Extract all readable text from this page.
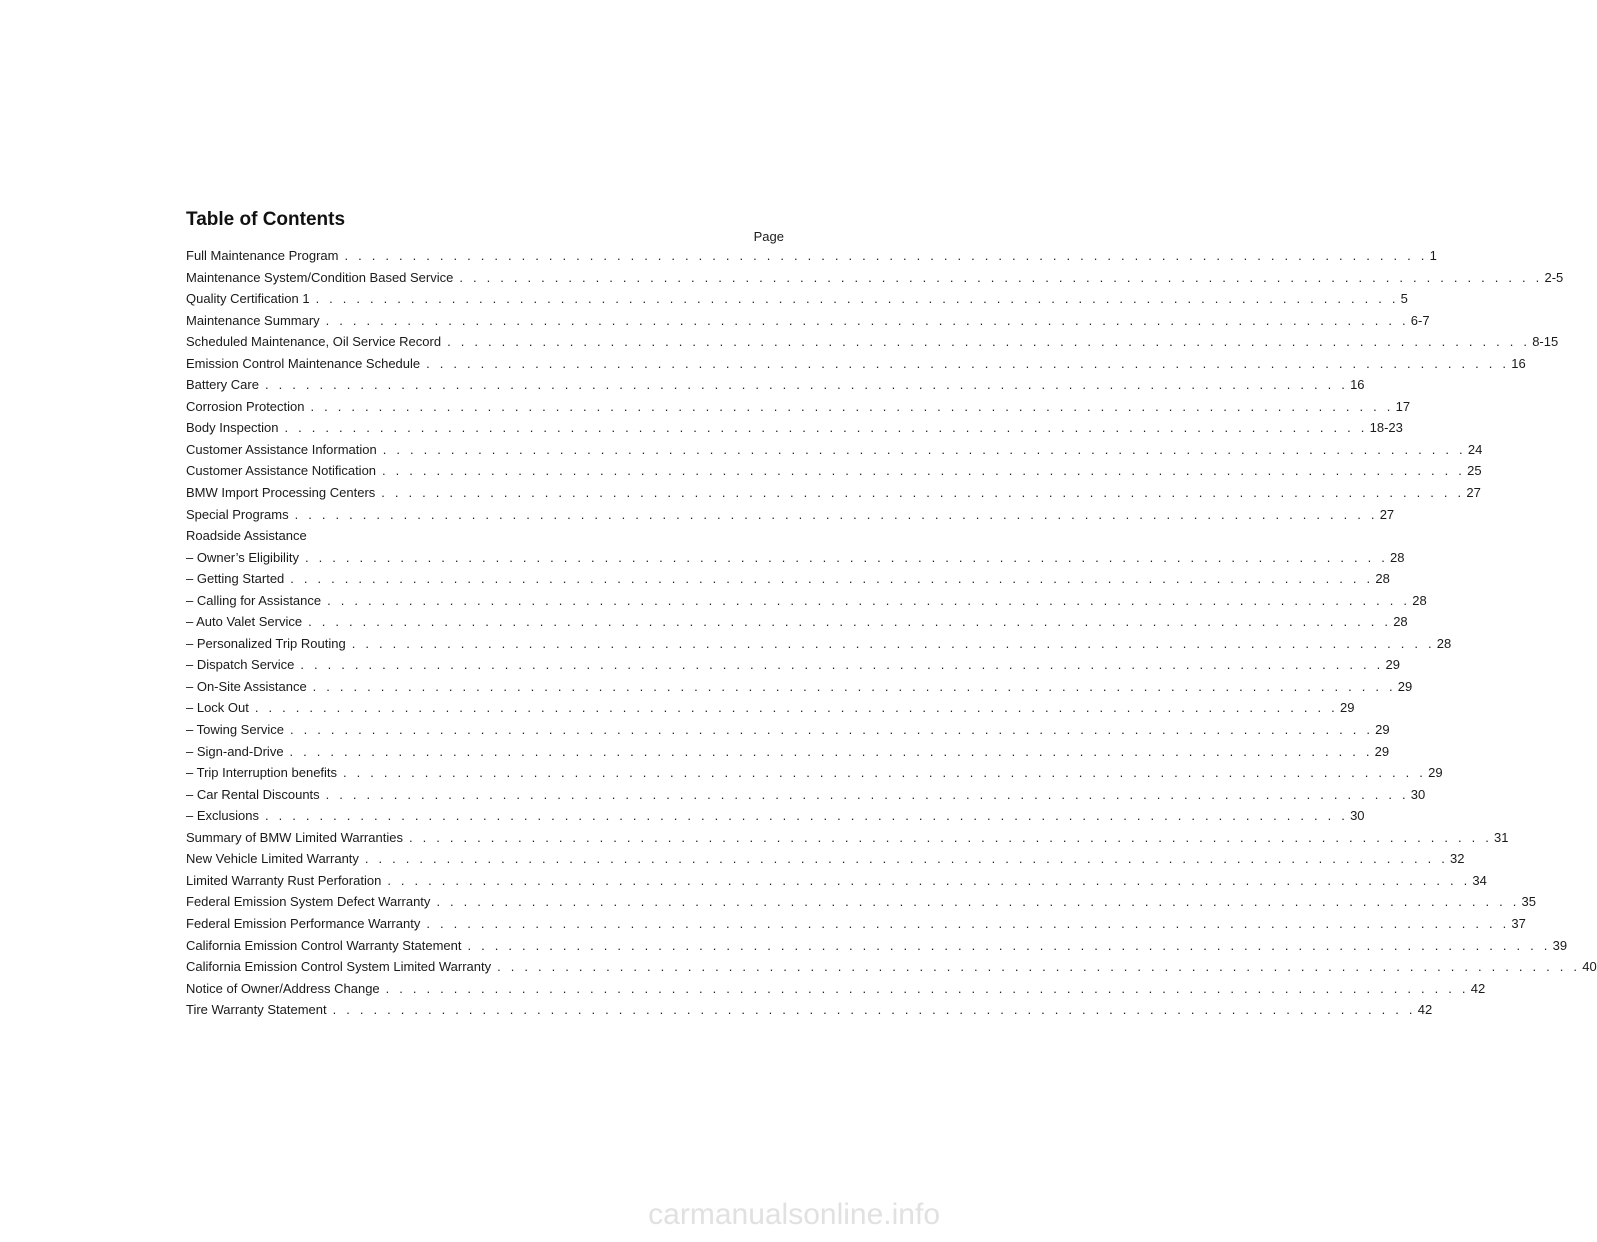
Table of Contents
Page
Full Maintenance Program . . . . . . . . . . . . . . . . . . . . . . . . . . . . . . . . . . . . . . . . . . . . . . . . . . . . . . . . . . . . . . . . . . . . . . . . . . . . . . . . 1
Maintenance System/Condition Based Service . . . . . . . . . . . . . . . . . . . . . . . . . . . . . . . . . . . . . . . . . . . . . . . . . . . . . . . . . . . . . . . . . . . . . . . . . . . . . . . . 2-5
Quality Certification 1 . . . . . . . . . . . . . . . . . . . . . . . . . . . . . . . . . . . . . . . . . . . . . . . . . . . . . . . . . . . . . . . . . . . . . . . . . . . . . . . . 5
Maintenance Summary . . . . . . . . . . . . . . . . . . . . . . . . . . . . . . . . . . . . . . . . . . . . . . . . . . . . . . . . . . . . . . . . . . . . . . . . . . . . . . . . 6-7
Scheduled Maintenance, Oil Service Record . . . . . . . . . . . . . . . . . . . . . . . . . . . . . . . . . . . . . . . . . . . . . . . . . . . . . . . . . . . . . . . . . . . . . . . . . . . . . . . . 8-15
Emission Control Maintenance Schedule . . . . . . . . . . . . . . . . . . . . . . . . . . . . . . . . . . . . . . . . . . . . . . . . . . . . . . . . . . . . . . . . . . . . . . . . . . . . . . . . 16
Battery Care . . . . . . . . . . . . . . . . . . . . . . . . . . . . . . . . . . . . . . . . . . . . . . . . . . . . . . . . . . . . . . . . . . . . . . . . . . . . . . . . 16
Corrosion Protection . . . . . . . . . . . . . . . . . . . . . . . . . . . . . . . . . . . . . . . . . . . . . . . . . . . . . . . . . . . . . . . . . . . . . . . . . . . . . . . . 17
Body Inspection . . . . . . . . . . . . . . . . . . . . . . . . . . . . . . . . . . . . . . . . . . . . . . . . . . . . . . . . . . . . . . . . . . . . . . . . . . . . . . . . 18-23
Customer Assistance Information . . . . . . . . . . . . . . . . . . . . . . . . . . . . . . . . . . . . . . . . . . . . . . . . . . . . . . . . . . . . . . . . . . . . . . . . . . . . . . . . 24
Customer Assistance Notification . . . . . . . . . . . . . . . . . . . . . . . . . . . . . . . . . . . . . . . . . . . . . . . . . . . . . . . . . . . . . . . . . . . . . . . . . . . . . . . . 25
BMW Import Processing Centers . . . . . . . . . . . . . . . . . . . . . . . . . . . . . . . . . . . . . . . . . . . . . . . . . . . . . . . . . . . . . . . . . . . . . . . . . . . . . . . . 27
Special Programs . . . . . . . . . . . . . . . . . . . . . . . . . . . . . . . . . . . . . . . . . . . . . . . . . . . . . . . . . . . . . . . . . . . . . . . . . . . . . . . . 27
Roadside Assistance
– Owner’s Eligibility . . . . . . . . . . . . . . . . . . . . . . . . . . . . . . . . . . . . . . . . . . . . . . . . . . . . . . . . . . . . . . . . . . . . . . . . . . . . . . . . 28
– Getting Started . . . . . . . . . . . . . . . . . . . . . . . . . . . . . . . . . . . . . . . . . . . . . . . . . . . . . . . . . . . . . . . . . . . . . . . . . . . . . . . . 28
– Calling for Assistance . . . . . . . . . . . . . . . . . . . . . . . . . . . . . . . . . . . . . . . . . . . . . . . . . . . . . . . . . . . . . . . . . . . . . . . . . . . . . . . . 28
– Auto Valet Service . . . . . . . . . . . . . . . . . . . . . . . . . . . . . . . . . . . . . . . . . . . . . . . . . . . . . . . . . . . . . . . . . . . . . . . . . . . . . . . . 28
– Personalized Trip Routing . . . . . . . . . . . . . . . . . . . . . . . . . . . . . . . . . . . . . . . . . . . . . . . . . . . . . . . . . . . . . . . . . . . . . . . . . . . . . . . . 28
– Dispatch Service . . . . . . . . . . . . . . . . . . . . . . . . . . . . . . . . . . . . . . . . . . . . . . . . . . . . . . . . . . . . . . . . . . . . . . . . . . . . . . . . 29
– On-Site Assistance . . . . . . . . . . . . . . . . . . . . . . . . . . . . . . . . . . . . . . . . . . . . . . . . . . . . . . . . . . . . . . . . . . . . . . . . . . . . . . . . 29
– Lock Out . . . . . . . . . . . . . . . . . . . . . . . . . . . . . . . . . . . . . . . . . . . . . . . . . . . . . . . . . . . . . . . . . . . . . . . . . . . . . . . . 29
– Towing Service . . . . . . . . . . . . . . . . . . . . . . . . . . . . . . . . . . . . . . . . . . . . . . . . . . . . . . . . . . . . . . . . . . . . . . . . . . . . . . . . 29
– Sign-and-Drive . . . . . . . . . . . . . . . . . . . . . . . . . . . . . . . . . . . . . . . . . . . . . . . . . . . . . . . . . . . . . . . . . . . . . . . . . . . . . . . . 29
– Trip Interruption benefits . . . . . . . . . . . . . . . . . . . . . . . . . . . . . . . . . . . . . . . . . . . . . . . . . . . . . . . . . . . . . . . . . . . . . . . . . . . . . . . . 29
– Car Rental Discounts . . . . . . . . . . . . . . . . . . . . . . . . . . . . . . . . . . . . . . . . . . . . . . . . . . . . . . . . . . . . . . . . . . . . . . . . . . . . . . . . 30
– Exclusions . . . . . . . . . . . . . . . . . . . . . . . . . . . . . . . . . . . . . . . . . . . . . . . . . . . . . . . . . . . . . . . . . . . . . . . . . . . . . . . . 30
Summary of BMW Limited Warranties . . . . . . . . . . . . . . . . . . . . . . . . . . . . . . . . . . . . . . . . . . . . . . . . . . . . . . . . . . . . . . . . . . . . . . . . . . . . . . . . 31
New Vehicle Limited Warranty . . . . . . . . . . . . . . . . . . . . . . . . . . . . . . . . . . . . . . . . . . . . . . . . . . . . . . . . . . . . . . . . . . . . . . . . . . . . . . . . 32
Limited Warranty Rust Perforation . . . . . . . . . . . . . . . . . . . . . . . . . . . . . . . . . . . . . . . . . . . . . . . . . . . . . . . . . . . . . . . . . . . . . . . . . . . . . . . . 34
Federal Emission System Defect Warranty . . . . . . . . . . . . . . . . . . . . . . . . . . . . . . . . . . . . . . . . . . . . . . . . . . . . . . . . . . . . . . . . . . . . . . . . . . . . . . . . 35
Federal Emission Performance Warranty . . . . . . . . . . . . . . . . . . . . . . . . . . . . . . . . . . . . . . . . . . . . . . . . . . . . . . . . . . . . . . . . . . . . . . . . . . . . . . . . 37
California Emission Control Warranty Statement . . . . . . . . . . . . . . . . . . . . . . . . . . . . . . . . . . . . . . . . . . . . . . . . . . . . . . . . . . . . . . . . . . . . . . . . . . . . . . . . 39
California Emission Control System Limited Warranty . . . . . . . . . . . . . . . . . . . . . . . . . . . . . . . . . . . . . . . . . . . . . . . . . . . . . . . . . . . . . . . . . . . . . . . . . . . . . . . . 40
Notice of Owner/Address Change . . . . . . . . . . . . . . . . . . . . . . . . . . . . . . . . . . . . . . . . . . . . . . . . . . . . . . . . . . . . . . . . . . . . . . . . . . . . . . . . 42
Tire Warranty Statement . . . . . . . . . . . . . . . . . . . . . . . . . . . . . . . . . . . . . . . . . . . . . . . . . . . . . . . . . . . . . . . . . . . . . . . . . . . . . . . . 42
carmanualsonline.info
